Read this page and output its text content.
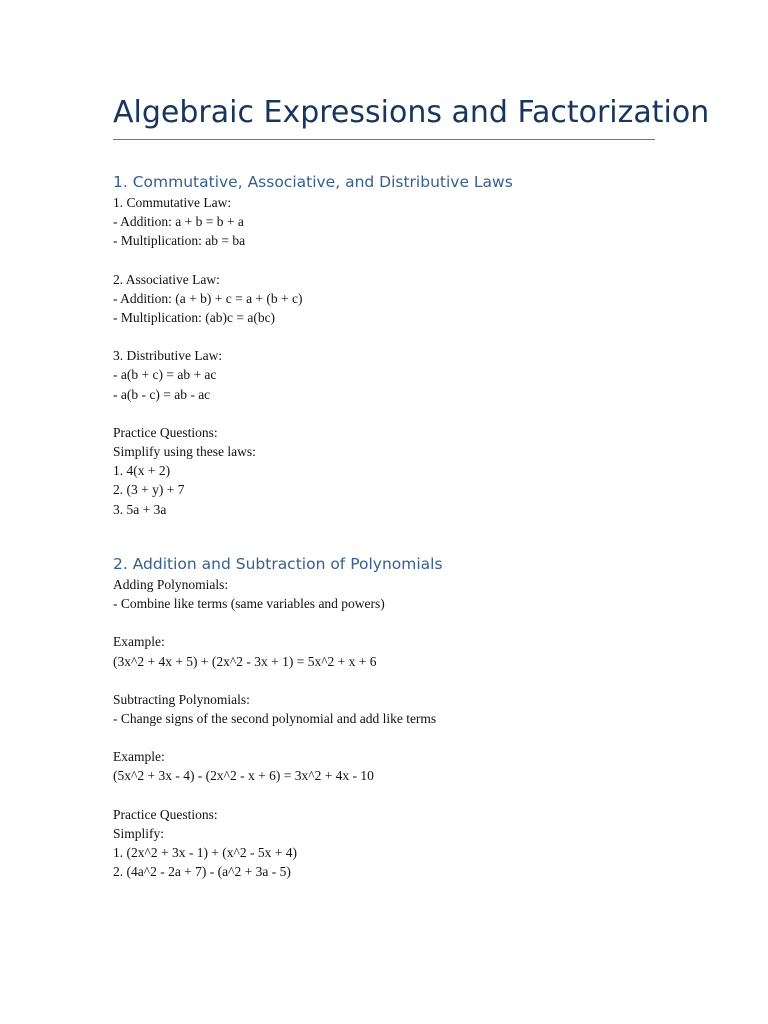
Algebraic Expressions and Factorization
1. Commutative, Associative, and Distributive Laws
1. Commutative Law:
- Addition: a + b = b + a
- Multiplication: ab = ba
2. Associative Law:
- Addition: (a + b) + c = a + (b + c)
- Multiplication: (ab)c = a(bc)
3. Distributive Law:
- a(b + c) = ab + ac
- a(b - c) = ab - ac
Practice Questions:
Simplify using these laws:
1. 4(x + 2)
2. (3 + y) + 7
3. 5a + 3a
2. Addition and Subtraction of Polynomials
Adding Polynomials:
- Combine like terms (same variables and powers)
Example:
(3x^2 + 4x + 5) + (2x^2 - 3x + 1) = 5x^2 + x + 6
Subtracting Polynomials:
- Change signs of the second polynomial and add like terms
Example:
(5x^2 + 3x - 4) - (2x^2 - x + 6) = 3x^2 + 4x - 10
Practice Questions:
Simplify:
1. (2x^2 + 3x - 1) + (x^2 - 5x + 4)
2. (4a^2 - 2a + 7) - (a^2 + 3a - 5)
